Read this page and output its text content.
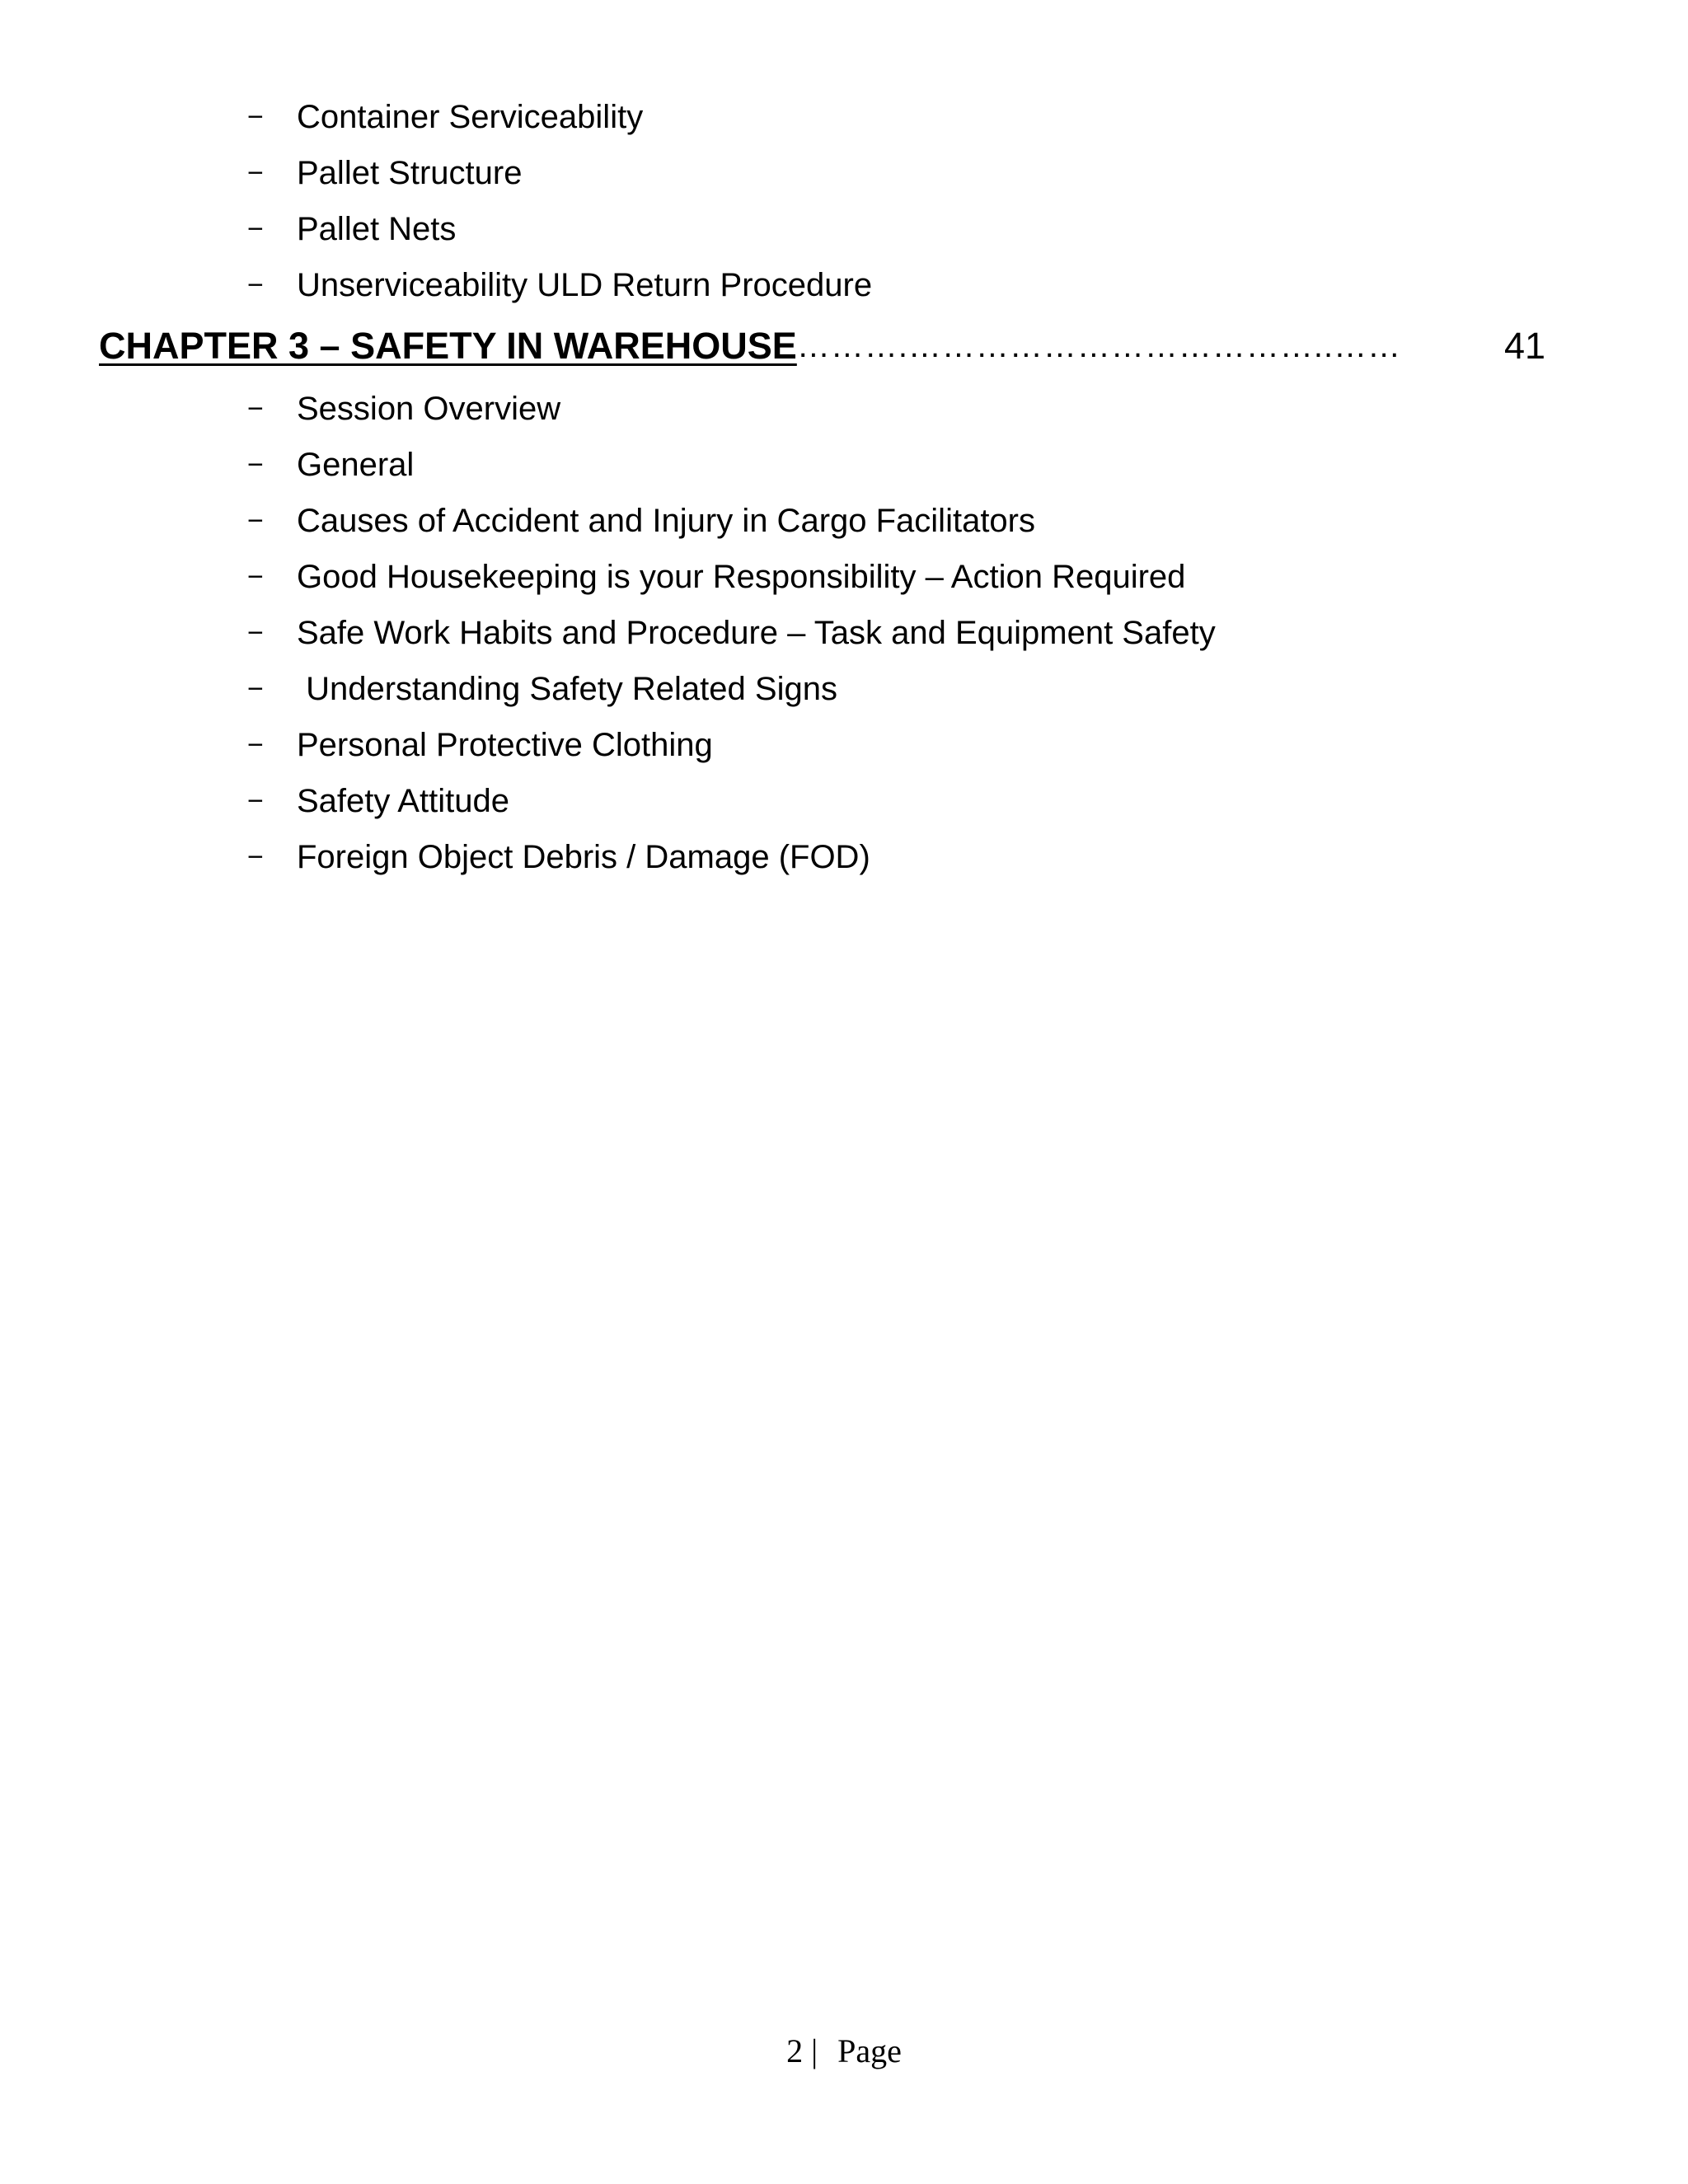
−	Container Serviceability
−	Pallet Structure
−	Pallet Nets
−	Unserviceability ULD Return Procedure
CHAPTER 3 – SAFETY IN WAREHOUSE ……….………………………………..……	41
−	Session Overview
−	General
−	Causes of Accident and Injury in Cargo Facilitators
−	Good Housekeeping is your Responsibility – Action Required
−	Safe Work Habits and Procedure – Task and Equipment Safety
−	Understanding Safety Related Signs
−	Personal Protective Clothing
−	Safety Attitude
−	Foreign Object Debris / Damage (FOD)
2 | Page
